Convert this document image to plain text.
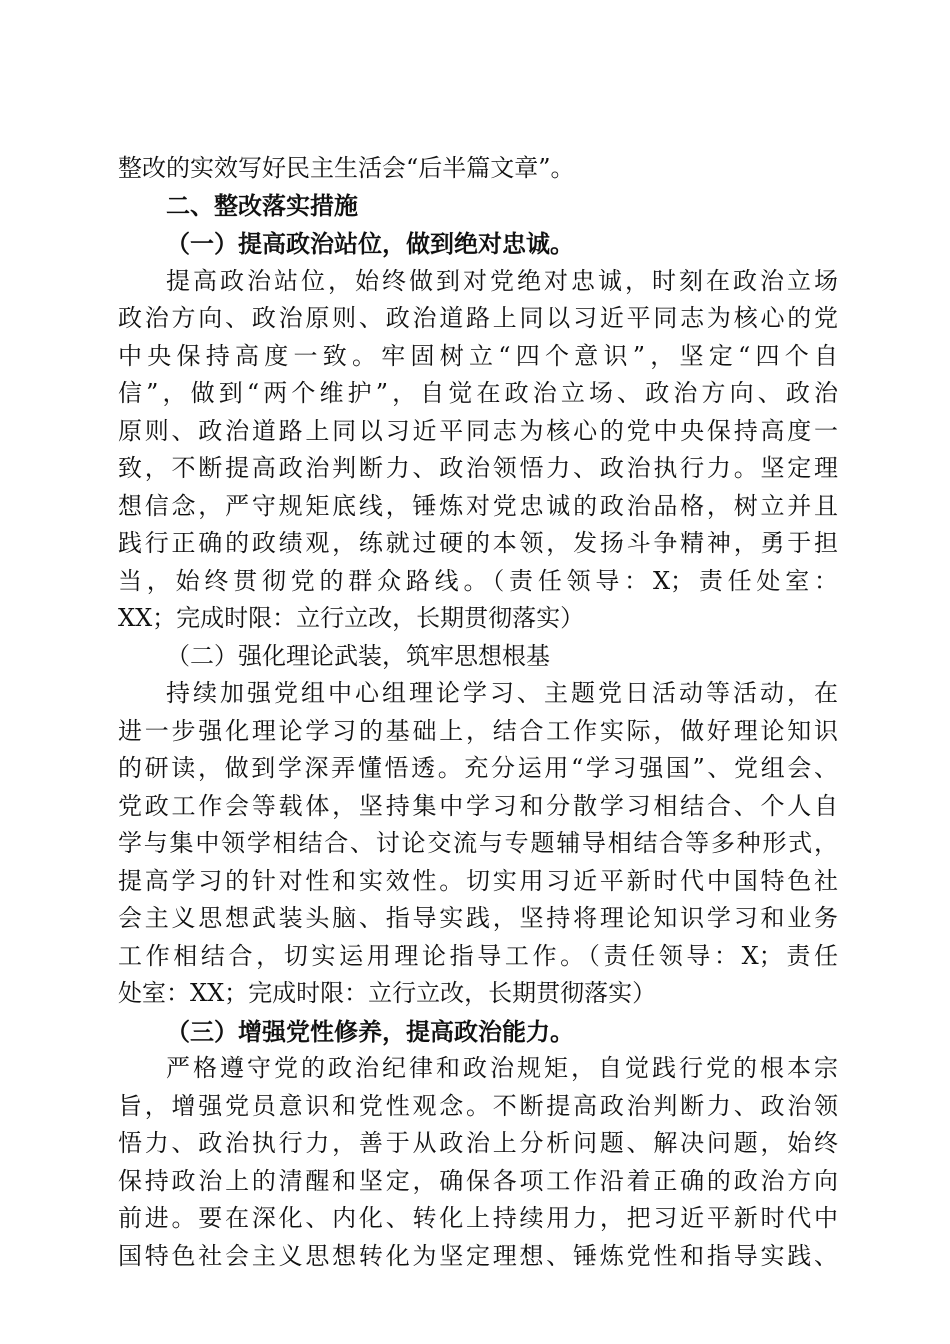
整改的实效写好民主生活会“后半篇文章”。
二、整改落实措施
（一）提高政治站位，做到绝对忠诚。
提高政治站位，始终做到对党绝对忠诚，时刻在政治立场
政治方向、政治原则、政治道路上同以习近平同志为核心的党
中央保持高度一致。牢固树立“四个意识”，坚定“四个自
信”，做到“两个维护”，自觉在政治立场、政治方向、政治
原则、政治道路上同以习近平同志为核心的党中央保持高度一
致，不断提高政治判断力、政治领悟力、政治执行力。坚定理
想信念，严守规矩底线，锤炼对党忠诚的政治品格，树立并且
践行正确的政绩观，练就过硬的本领，发扬斗争精神，勇于担
当，始终贯彻党的群众路线。（责任领导：X；责任处室：
XX；完成时限：立行立改，长期贯彻落实）
（二）强化理论武装，筑牢思想根基
持续加强党组中心组理论学习、主题党日活动等活动，在
进一步强化理论学习的基础上，结合工作实际，做好理论知识
的研读，做到学深弄懂悟透。充分运用“学习强国”、党组会、
党政工作会等载体，坚持集中学习和分散学习相结合、个人自
学与集中领学相结合、讨论交流与专题辅导相结合等多种形式，
提高学习的针对性和实效性。切实用习近平新时代中国特色社
会主义思想武装头脑、指导实践，坚持将理论知识学习和业务
工作相结合，切实运用理论指导工作。（责任领导：X；责任
处室：XX；完成时限：立行立改，长期贯彻落实）
（三）增强党性修养，提高政治能力。
严格遵守党的政治纪律和政治规矩，自觉践行党的根本宗
旨，增强党员意识和党性观念。不断提高政治判断力、政治领
悟力、政治执行力，善于从政治上分析问题、解决问题，始终
保持政治上的清醒和坚定，确保各项工作沿着正确的政治方向
前进。要在深化、内化、转化上持续用力，把习近平新时代中
国特色社会主义思想转化为坚定理想、锤炼党性和指导实践、
